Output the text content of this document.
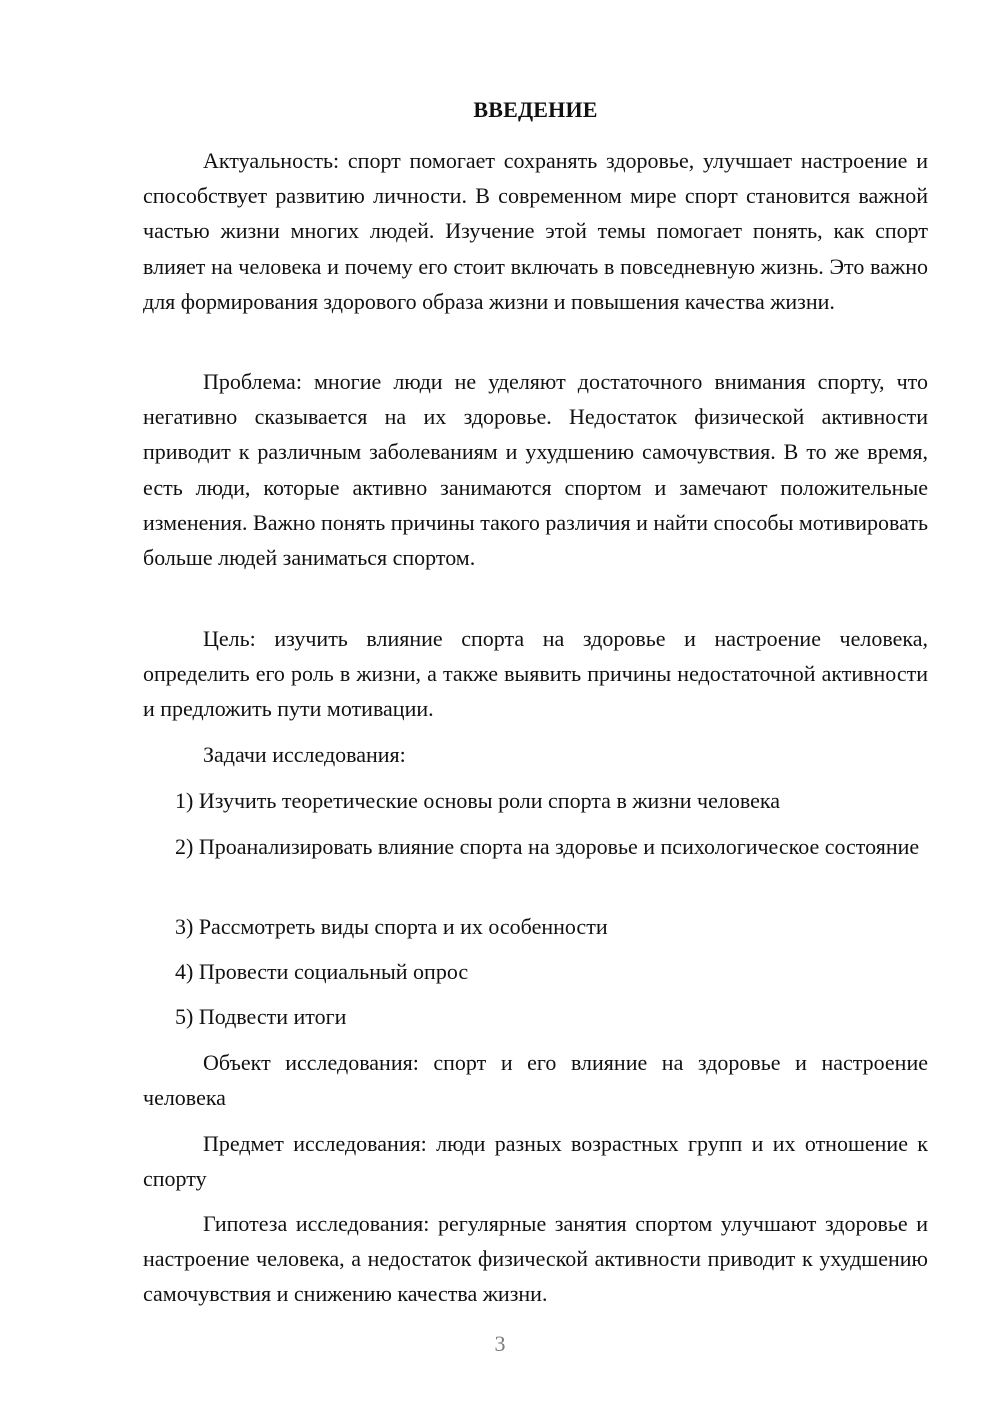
ВВЕДЕНИЕ

Актуальность: спорт помогает сохранять здоровье, улучшает настроение и способствует развитию личности. В современном мире спорт становится важной частью жизни многих людей. Изучение этой темы помогает понять, как спорт влияет на человека и почему его стоит включать в повседневную жизнь. Это важно для формирования здорового образа жизни и повышения качества жизни.

Проблема: многие люди не уделяют достаточного внимания спорту, что негативно сказывается на их здоровье. Недостаток физической активности приводит к различным заболеваниям и ухудшению самочувствия. В то же время, есть люди, которые активно занимаются спортом и замечают положительные изменения. Важно понять причины такого различия и найти способы мотивировать больше людей заниматься спортом.

Цель: изучить влияние спорта на здоровье и настроение человека, определить его роль в жизни, а также выявить причины недостаточной активности и предложить пути мотивации.

Задачи исследования:

1) Изучить теоретические основы роли спорта в жизни человека

2) Проанализировать влияние спорта на здоровье и психологическое состояние

3) Рассмотреть виды спорта и их особенности

4) Провести социальный опрос

5) Подвести итоги

Объект исследования: спорт и его влияние на здоровье и настроение человека

Предмет исследования: люди разных возрастных групп и их отношение к спорту

Гипотеза исследования: регулярные занятия спортом улучшают здоровье и настроение человека, а недостаток физической активности приводит к ухудшению самочувствия и снижению качества жизни.

3
